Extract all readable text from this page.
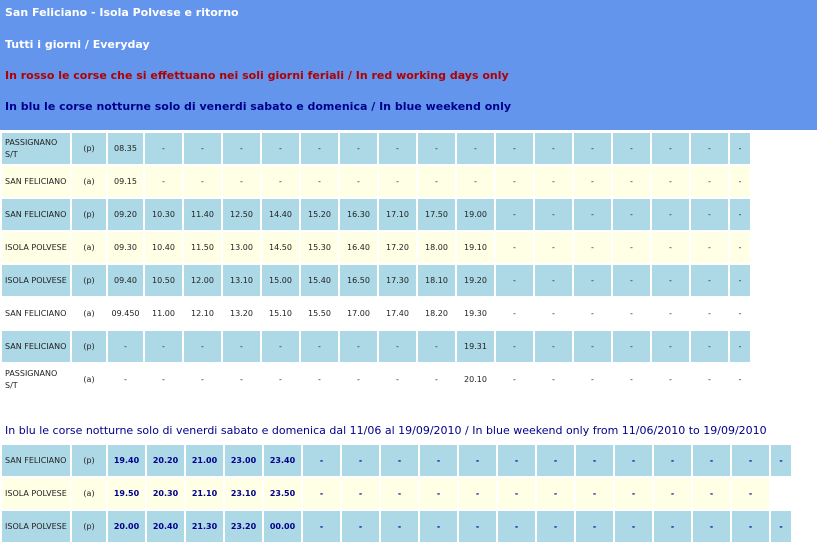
San Feliciano - Isola Polvese e ritorno
Tutti i giorni / Everyday
In rosso le corse che si effettuano nei soli giorni feriali / In red working days only
In blu le corse notturne solo di venerdi sabato e domenica / In blue weekend only
PASSIGNANO S/T	(p)	08.35	-	-	-	-	-	-	-	-	-	-	-	-	-	-	-	-
SAN FELICIANO	(a)	09.15	-	-	-	-	-	-	-	-	-	-	-	-	-	-	-	-
SAN FELICIANO	(p)	09.20	10.30	11.40	12.50	14.40	15.20	16.30	17.10	17.50	19.00	-	-	-	-	-	-	-
ISOLA POLVESE	(a)	09.30	10.40	11.50	13.00	14.50	15.30	16.40	17.20	18.00	19.10	-	-	-	-	-	-	-
ISOLA POLVESE	(p)	09.40	10.50	12.00	13.10	15.00	15.40	16.50	17.30	18.10	19.20	-	-	-	-	-	-	-
SAN FELICIANO	(a)	09.450	11.00	12.10	13.20	15.10	15.50	17.00	17.40	18.20	19.30	-	-	-	-	-	-	-
SAN FELICIANO	(p)	-	-	-	-	-	-	-	-	-	19.31	-	-	-	-	-	-	-
PASSIGNANO S/T	(a)	-	-	-	-	-	-	-	-	-	20.10	-	-	-	-	-	-	-
In blu le corse notturne solo di venerdi sabato e domenica dal 11/06 al 19/09/2010 / In blue weekend only from 11/06/2010 to 19/09/2010
SAN FELICIANO	(p)	19.40	20.20	21.00	23.00	23.40	-	-	-	-	-	-	-	-	-	-	-	-	-
ISOLA POLVESE	(a)	19.50	20.30	21.10	23.10	23.50	-	-	-	-	-	-	-	-	-	-	-	-	
ISOLA POLVESE	(p)	20.00	20.40	21.30	23.20	00.00	-	-	-	-	-	-	-	-	-	-	-	-	-
